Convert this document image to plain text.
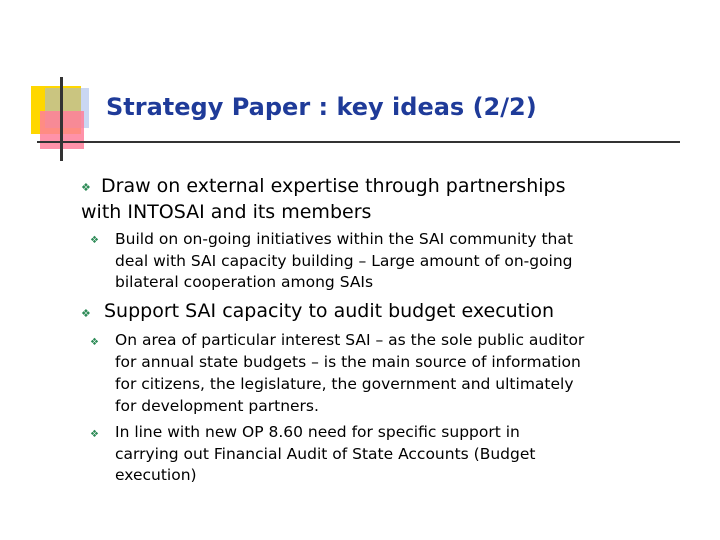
Strategy Paper : key ideas (2/2)
❖ Draw on external expertise through partnerships
with INTOSAI and its members
❖ Build on on-going initiatives within the SAI community that
deal with SAI capacity building – Large amount of on-going
bilateral cooperation among SAIs
❖ Support SAI capacity to audit budget execution
❖ On area of particular interest SAI – as the sole public auditor
for annual state budgets – is the main source of information
for citizens, the legislature, the government and ultimately
for development partners.
❖ In line with new OP 8.60 need for specific support in
carrying out Financial Audit of State Accounts (Budget
execution)
